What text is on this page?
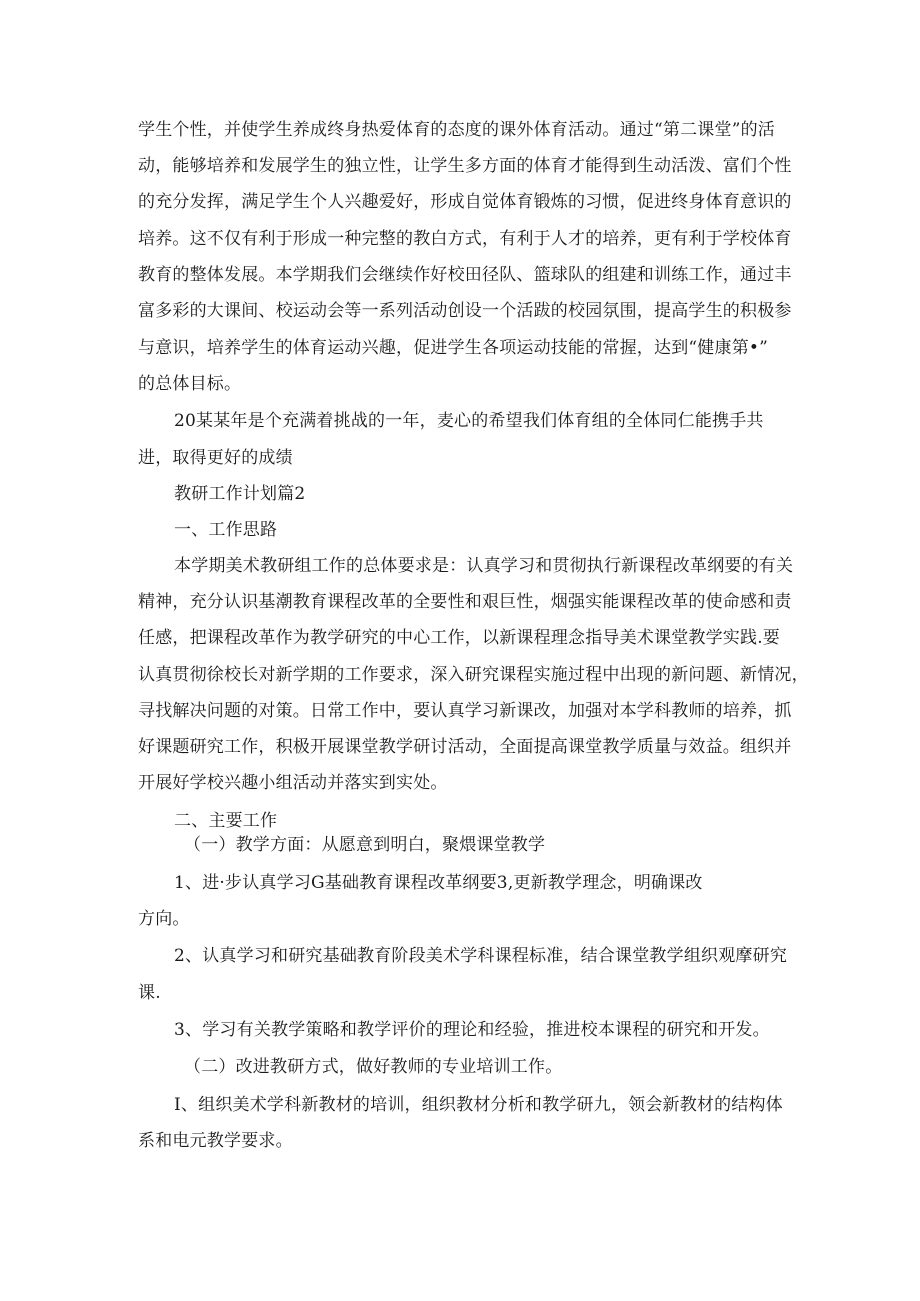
学生个性，并使学生养成终身热爱体育的态度的课外体育活动。通过“第二课堂”的活
动，能够培养和发展学生的独立性，让学生多方面的体育才能得到生动活泼、富们个性
的充分发挥，满足学生个人兴趣爱好，形成自觉体育锻炼的习惯，促进终身体育意识的
培养。这不仅有利于形成一种完整的教白方式，有利于人才的培养，更有利于学校体育
教育的整体发展。本学期我们会继续作好校田径队、篮球队的组建和训练工作，通过丰
富多彩的大课间、校运动会等一系列活动创设一个活跋的校园氛围，提高学生的积极参
与意识，培养学生的体育运动兴趣，促进学生各项运动技能的常握，达到“健康第•”
的总体目标。
20某某年是个充满着挑战的一年，麦心的希望我们体育组的全体同仁能携手共
进，取得更好的成绩
教研工作计划篇2
一、工作思路
本学期美术教研组工作的总体要求是：认真学习和贯彻执行新课程改革纲要的有关
精神，充分认识基潮教育课程改革的全要性和艰巨性，烟强实能课程改革的使命感和责
任感，把课程改革作为教学研究的中心工作，以新课程理念指导美术课堂教学实践.要
认真贯彻徐校长对新学期的工作要求，深入研究课程实施过程中出现的新问题、新情况，
寻找解决问题的对策。日常工作中，要认真学习新课改，加强对本学科教师的培养，抓
好课题研究工作，积极开展课堂教学研讨活动，全面提高课堂教学质量与效益。组织并
开展好学校兴趣小组活动并落实到实处。
二、主要工作
（一）教学方面：从愿意到明白，聚煨课堂教学
1、进·步认真学习G基础教育课程改革纲要3,更新教学理念，明确课改
方向。
2、认真学习和研究基础教育阶段美术学科课程标准，结合课堂教学组织观摩研究
课.
3、学习有关教学策略和教学评价的理论和经验，推进校本课程的研究和开发。
（二）改进教研方式，做好教师的专业培训工作。
I、组织美术学科新教材的培训，组织教材分析和教学研九，领会新教材的结构体
系和电元教学要求。
